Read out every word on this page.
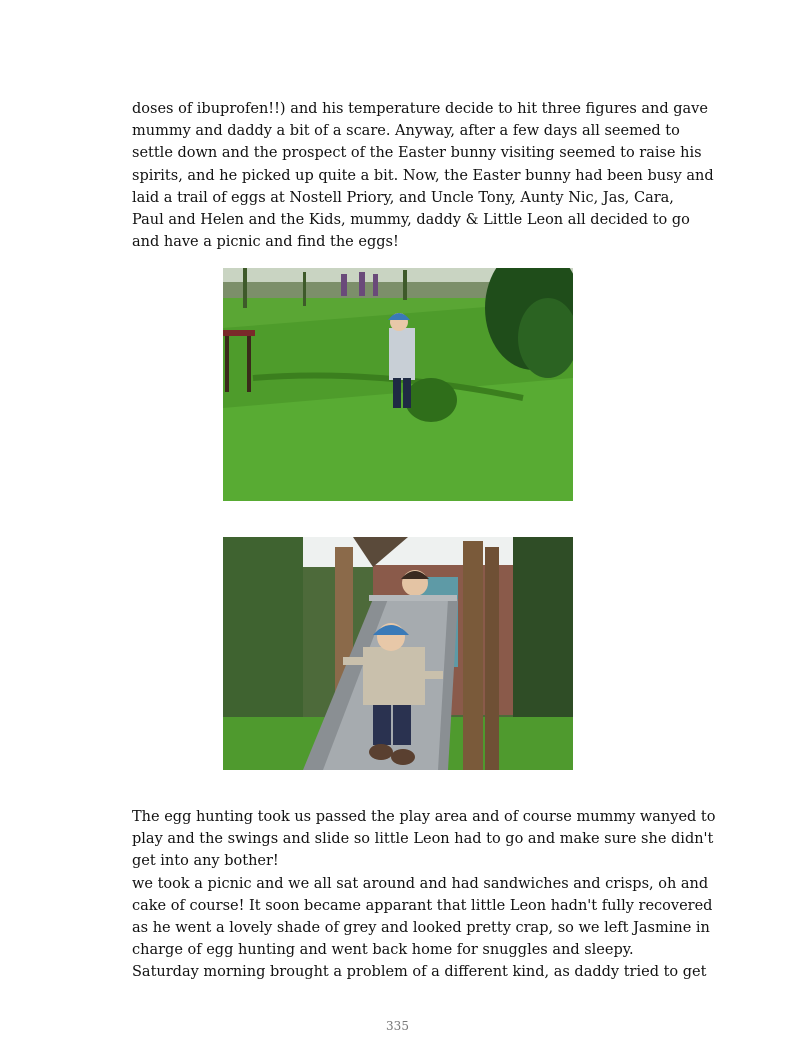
doses of ibuprofen!!) and his temperature decide to hit three figures and gave
mummy and daddy a bit of a scare. Anyway, after a few days all seemed to
settle down and the prospect of the Easter bunny visiting seemed to raise his
spirits, and he picked up quite a bit. Now, the Easter bunny had been busy and
laid a trail of eggs at Nostell Priory, and Uncle Tony, Aunty Nic, Jas, Cara,
Paul and Helen and the Kids, mummy, daddy & Little Leon all decided to go
and have a picnic and find the eggs!
The egg hunting took us passed the play area and of course mummy wanyed to
play and the swings and slide so little Leon had to go and make sure she didn't
get into any bother!
we took a picnic and we all sat around and had sandwiches and crisps, oh and
cake of course! It soon became apparant that little Leon hadn't fully recovered
as he went a lovely shade of grey and looked pretty crap, so we left Jasmine in
charge of egg hunting and went back home for snuggles and sleepy.
Saturday morning brought a problem of a different kind, as daddy tried to get
335
